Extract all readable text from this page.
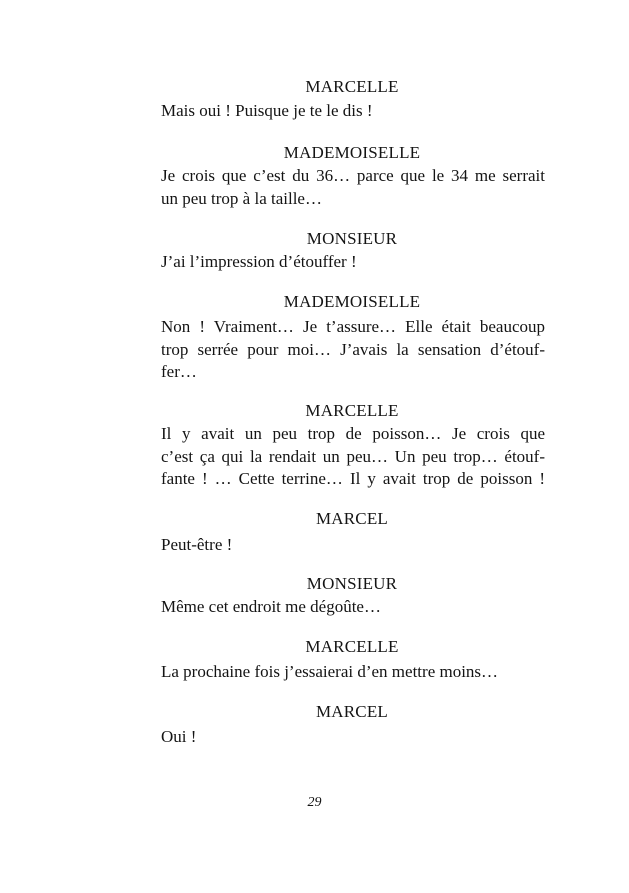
MARCELLE
Mais oui ! Puisque je te le dis !
MADEMOISELLE
Je crois que c’est du 36… parce que le 34 me serrait
un peu trop à la taille…
MONSIEUR
J’ai l’impression d’étouffer !
MADEMOISELLE
Non ! Vraiment… Je t’assure… Elle était beaucoup
trop serrée pour moi… J’avais la sensation d’étouf-
fer…
MARCELLE
Il y avait un peu trop de poisson… Je crois que
c’est ça qui la rendait un peu… Un peu trop… étouf-
fante ! … Cette terrine… Il y avait trop de poisson !
MARCEL
Peut-être !
MONSIEUR
Même cet endroit me dégoûte…
MARCELLE
La prochaine fois j’essaierai d’en mettre moins…
MARCEL
Oui !
29
